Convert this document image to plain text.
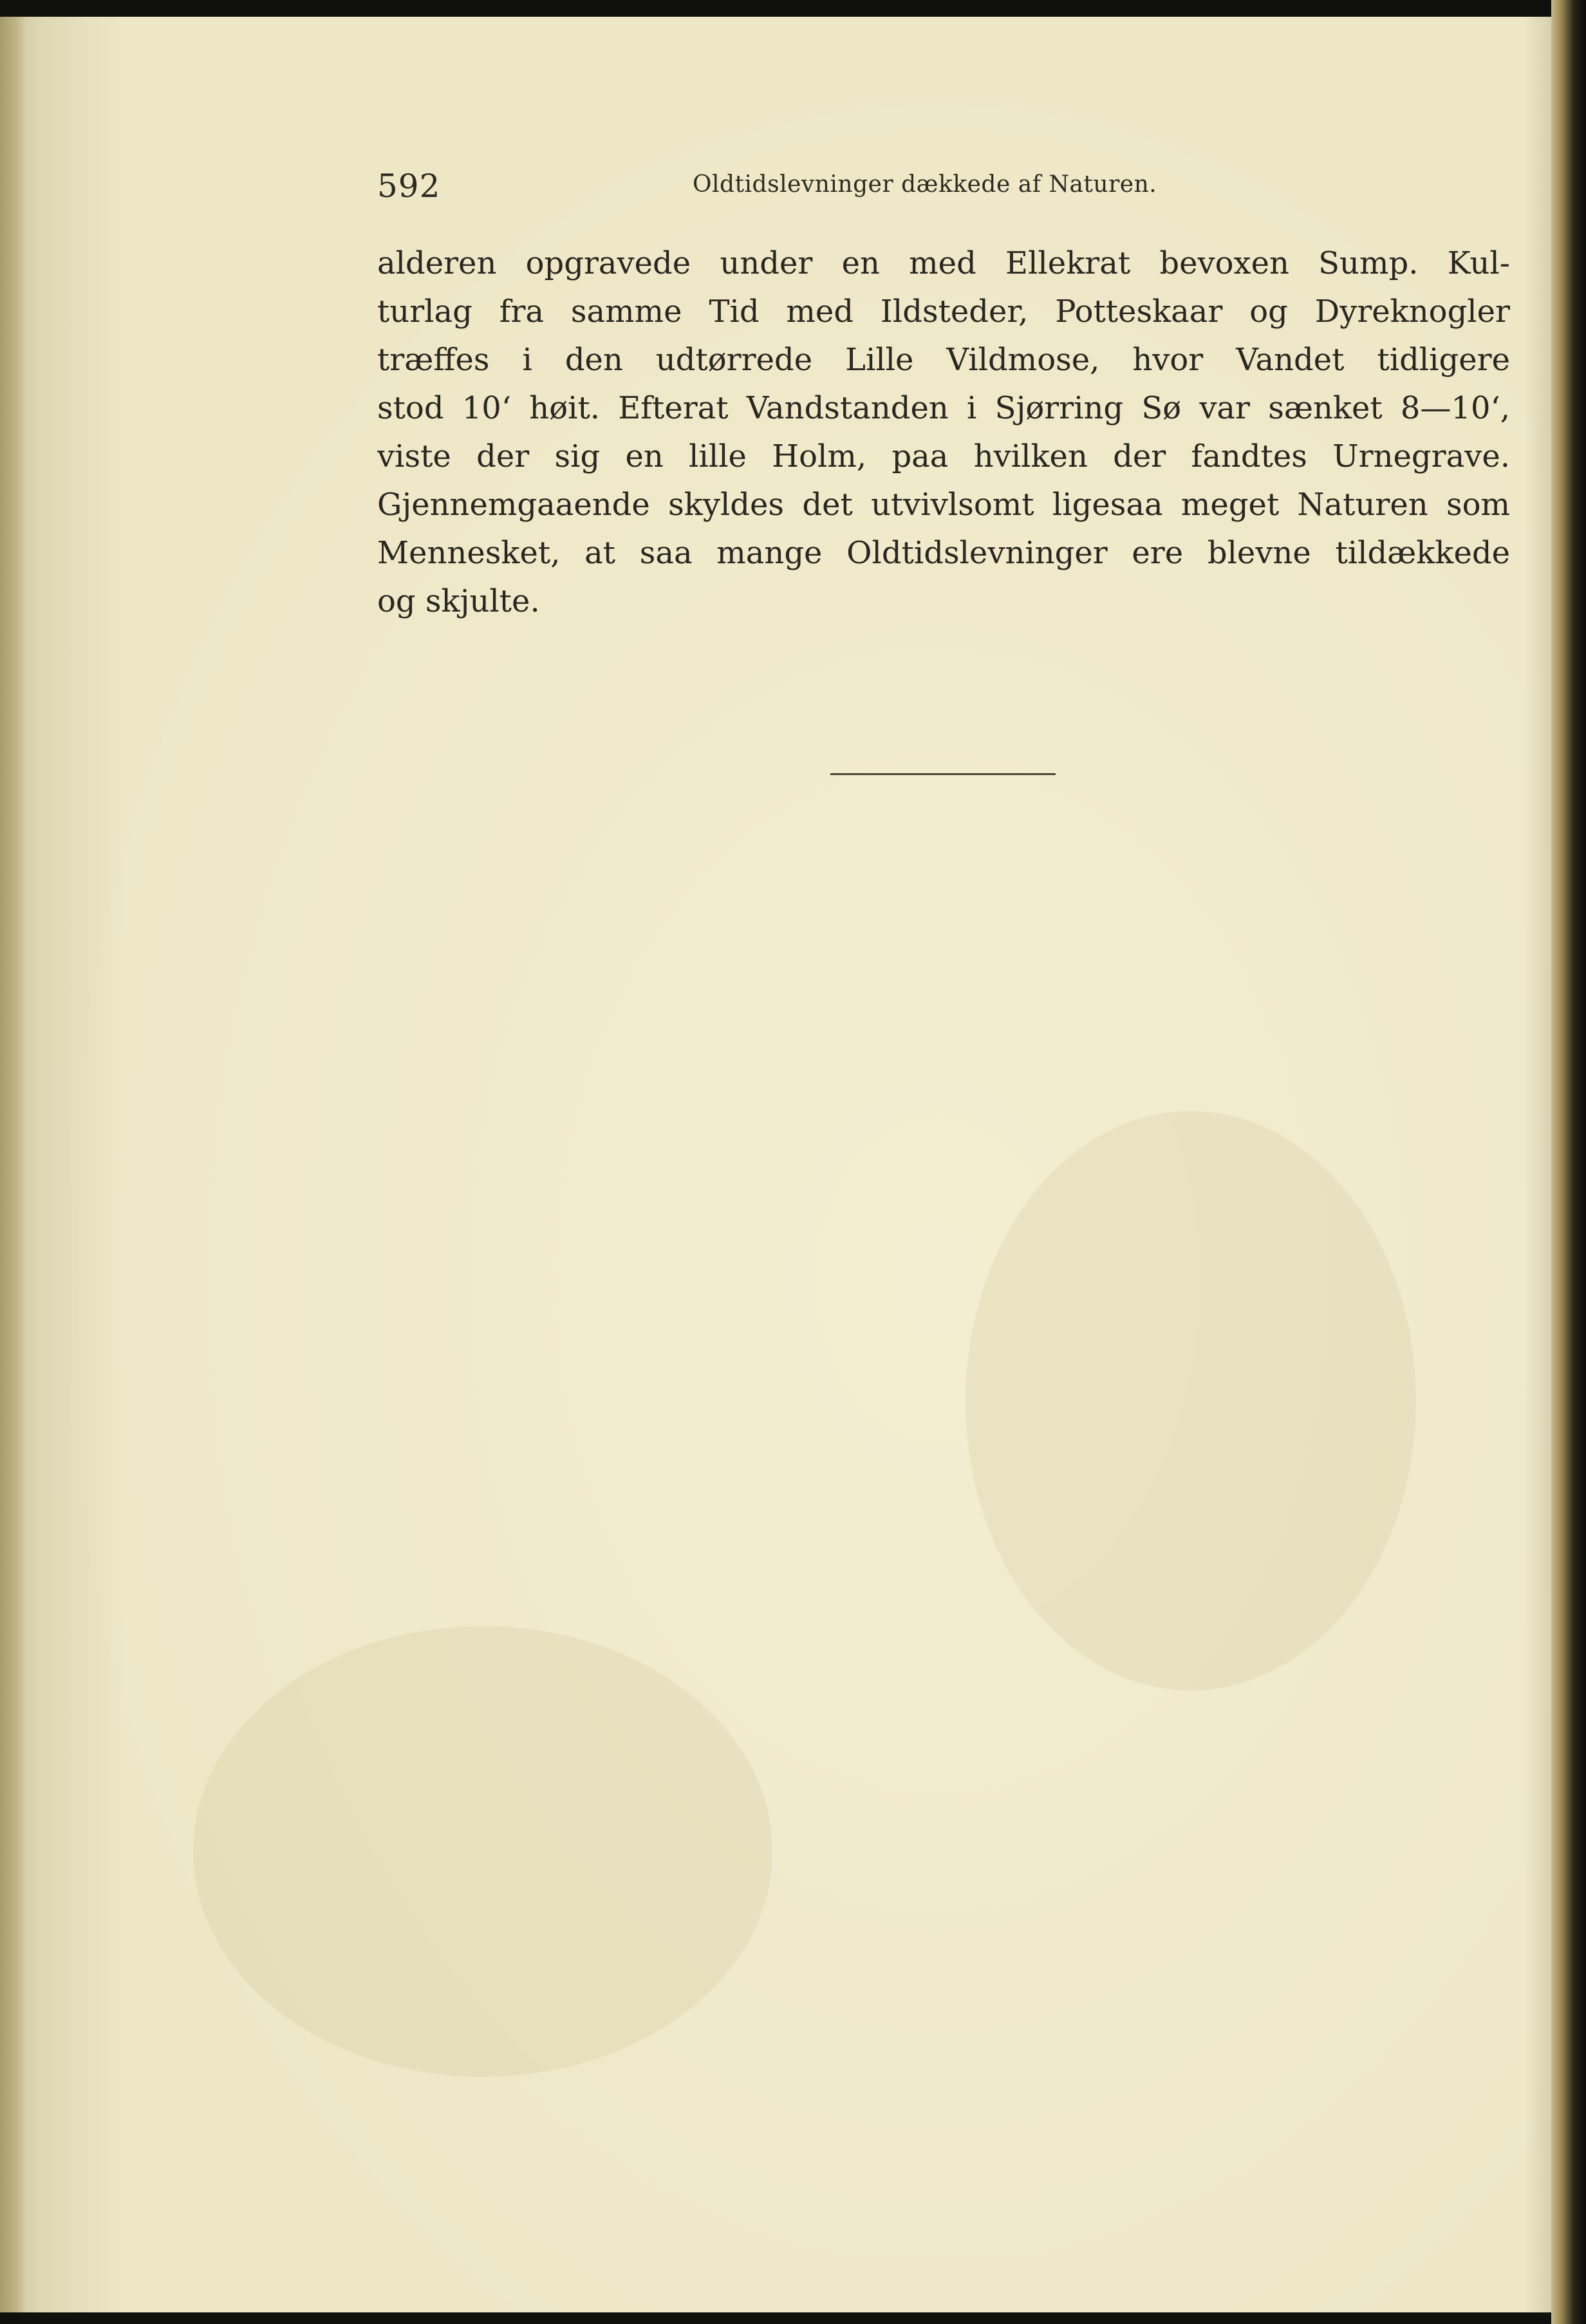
592	Oldtidslevninger dækkede af Naturen.
alderen opgravede under en med Ellekrat bevoxen Sump. Kul-
turlag fra samme Tid med Ildsteder, Potteskaar og Dyreknogler
træffes i den udtørrede Lille Vildmose, hvor Vandet tidligere
stod 10ʻ høit. Efterat Vandstanden i Sjørring Sø var sænket 8—10ʻ,
viste der sig en lille Holm, paa hvilken der fandtes Urnegrave.
Gjennemgaaende skyldes det utvivlsomt ligesaa meget Naturen som
Mennesket, at saa mange Oldtidslevninger ere blevne tildækkede
og skjulte.
